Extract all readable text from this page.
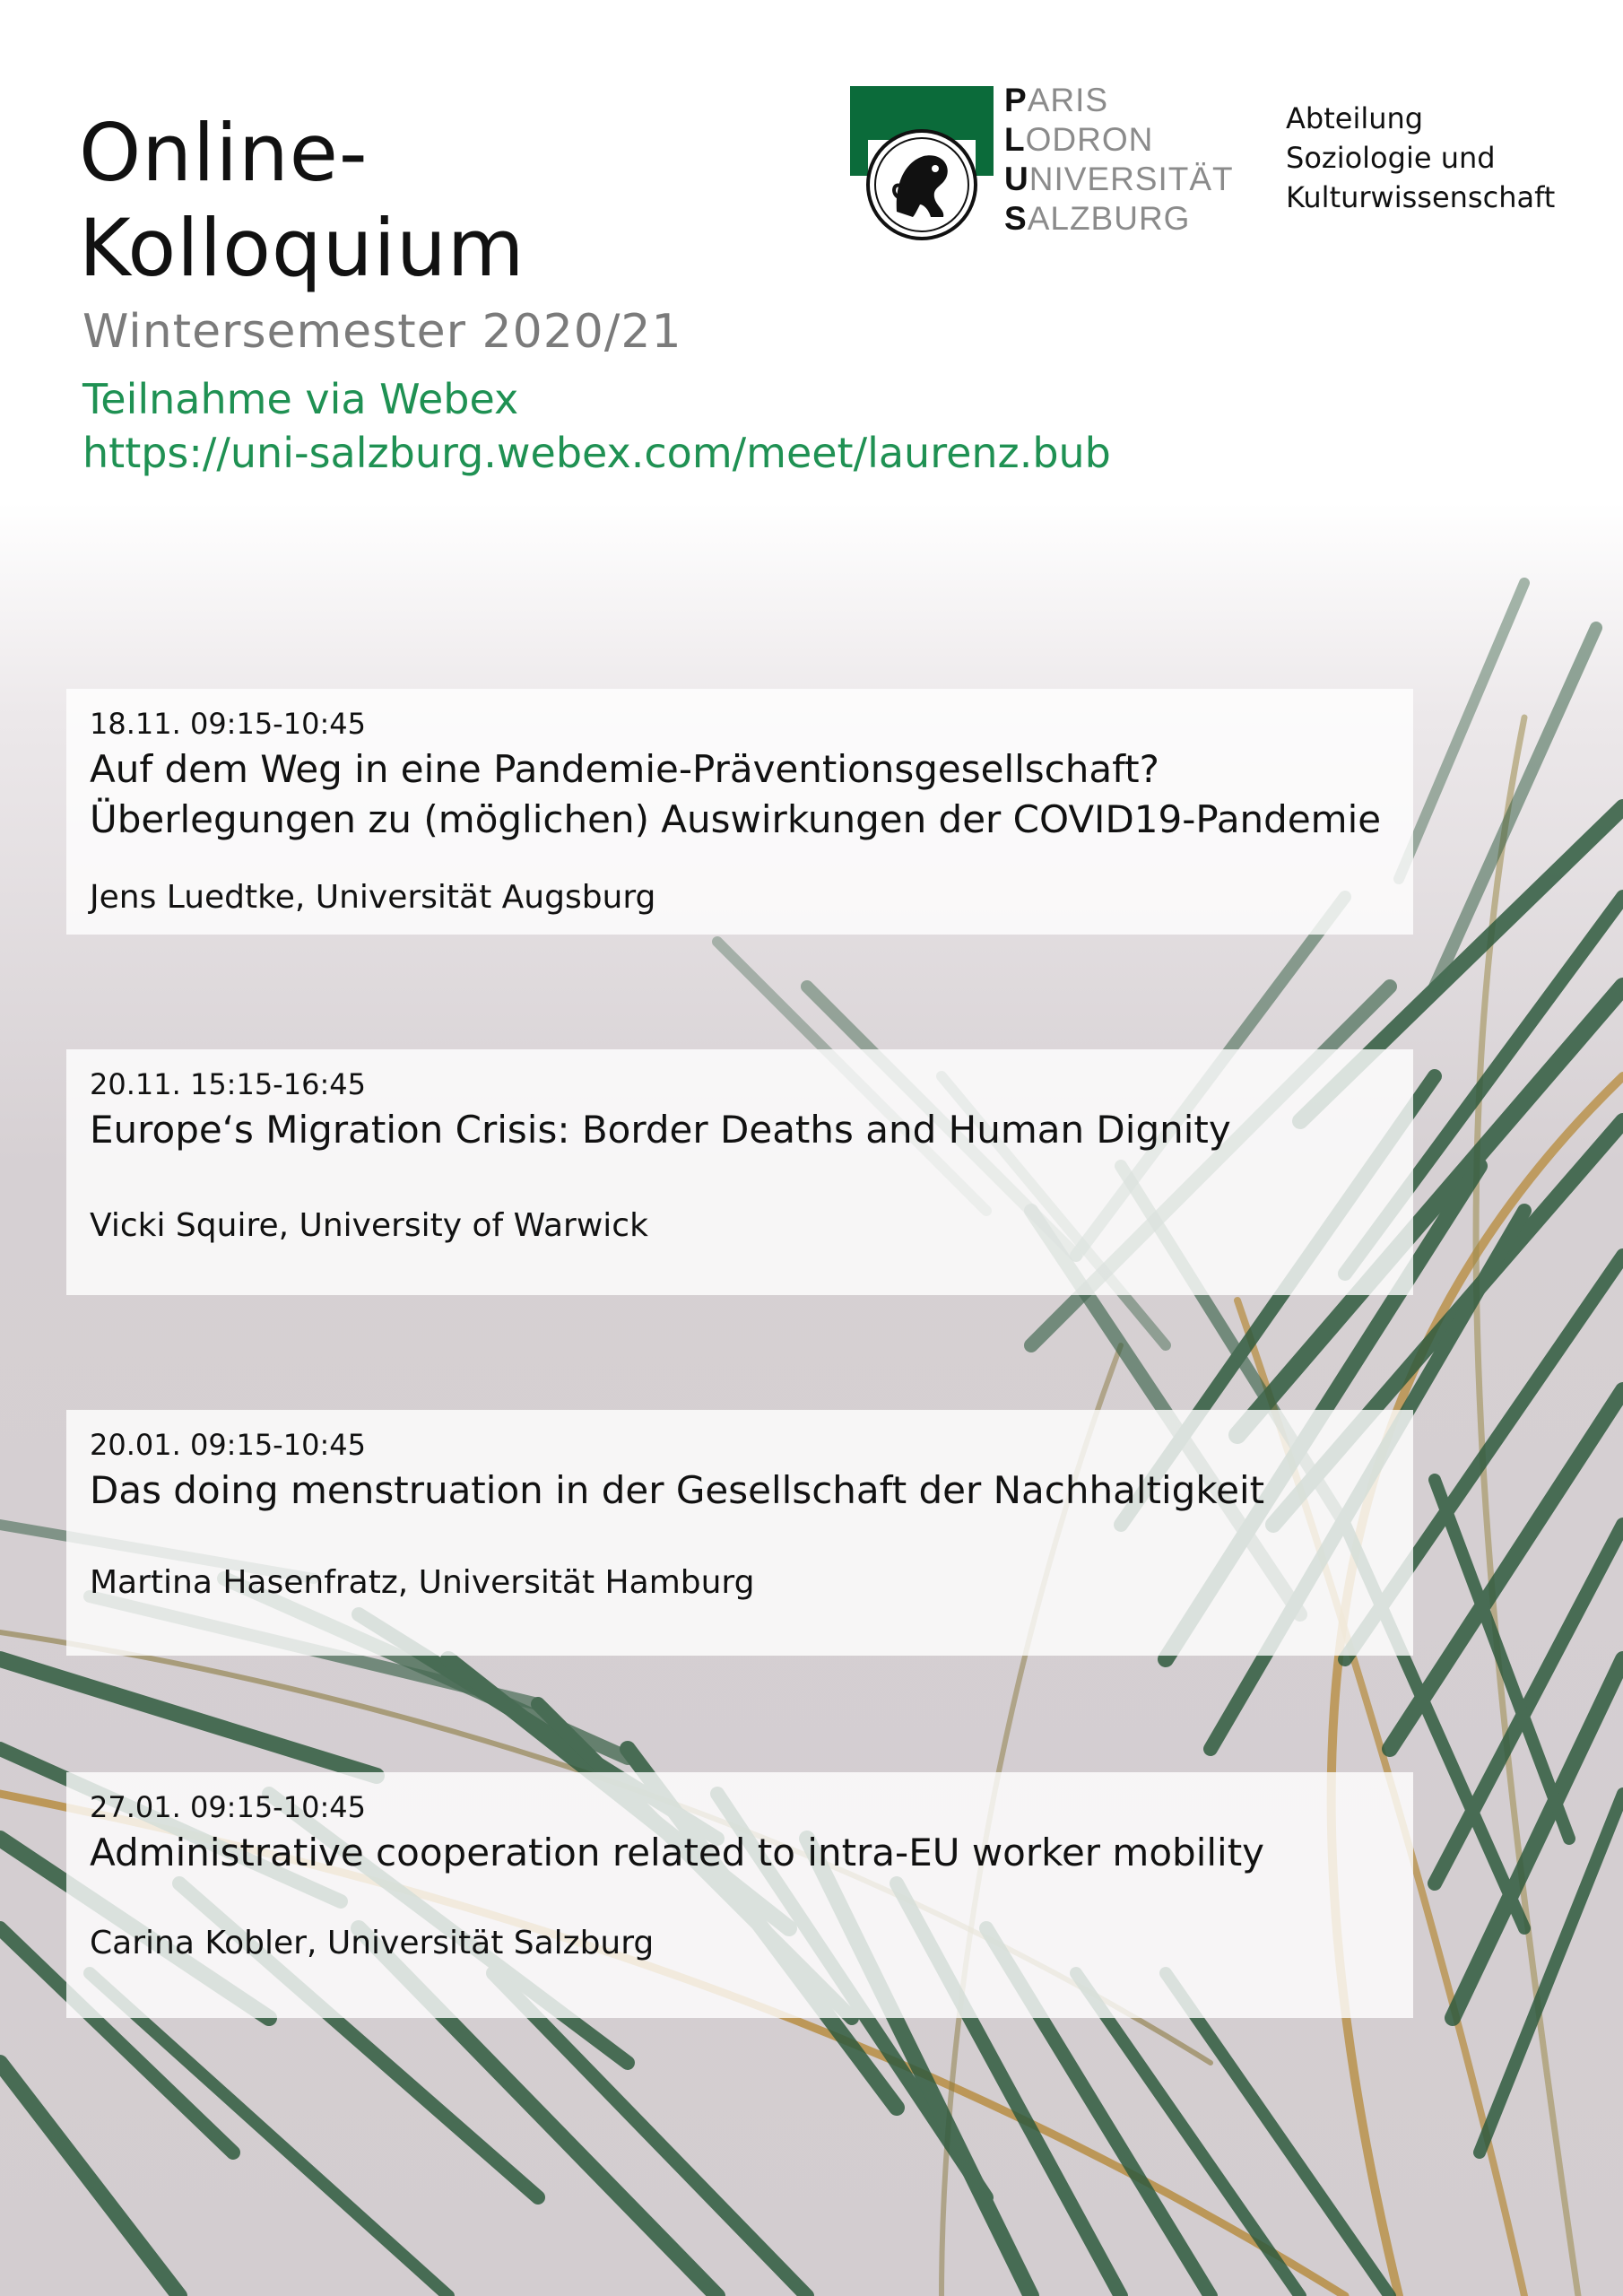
Online-
Kolloquium
Wintersemester 2020/21
Teilnahme via Webex
https://uni-salzburg.webex.com/meet/laurenz.bub
PARIS
LODRON
UNIVERSITÄT
SALZBURG
Abteilung
Soziologie und
Kulturwissenschaft
18.11. 09:15-10:45
Auf dem Weg in eine Pandemie-Präventionsgesellschaft?
Überlegungen zu (möglichen) Auswirkungen der COVID19-Pandemie
Jens Luedtke, Universität Augsburg
20.11. 15:15-16:45
Europe‘s Migration Crisis: Border Deaths and Human Dignity
Vicki Squire, University of Warwick
20.01. 09:15-10:45
Das doing menstruation in der Gesellschaft der Nachhaltigkeit
Martina Hasenfratz, Universität Hamburg
27.01. 09:15-10:45
Administrative cooperation related to intra-EU worker mobility
Carina Kobler, Universität Salzburg
